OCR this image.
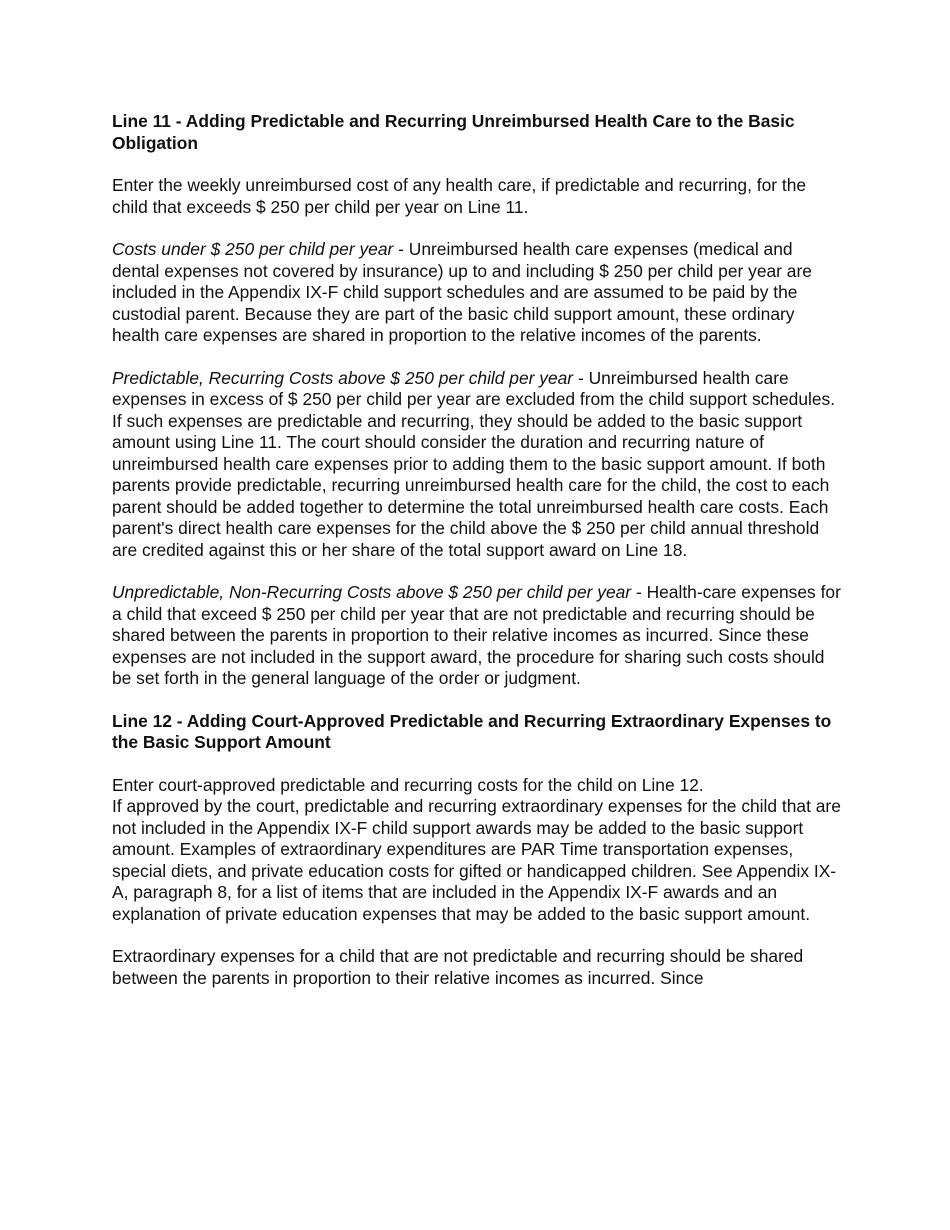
Line 11 - Adding Predictable and Recurring Unreimbursed Health Care to the Basic Obligation
Enter the weekly unreimbursed cost of any health care, if predictable and recurring, for the child that exceeds $ 250 per child per year on Line 11.
Costs under $ 250 per child per year - Unreimbursed health care expenses (medical and dental expenses not covered by insurance) up to and including $ 250 per child per year are included in the Appendix IX-F child support schedules and are assumed to be paid by the custodial parent. Because they are part of the basic child support amount, these ordinary health care expenses are shared in proportion to the relative incomes of the parents.
Predictable, Recurring Costs above $ 250 per child per year - Unreimbursed health care expenses in excess of $ 250 per child per year are excluded from the child support schedules. If such expenses are predictable and recurring, they should be added to the basic support amount using Line 11. The court should consider the duration and recurring nature of unreimbursed health care expenses prior to adding them to the basic support amount. If both parents provide predictable, recurring unreimbursed health care for the child, the cost to each parent should be added together to determine the total unreimbursed health care costs. Each parent's direct health care expenses for the child above the $ 250 per child annual threshold are credited against this or her share of the total support award on Line 18.
Unpredictable, Non-Recurring Costs above $ 250 per child per year - Health-care expenses for a child that exceed $ 250 per child per year that are not predictable and recurring should be shared between the parents in proportion to their relative incomes as incurred. Since these expenses are not included in the support award, the procedure for sharing such costs should be set forth in the general language of the order or judgment.
Line 12 - Adding Court-Approved Predictable and Recurring Extraordinary Expenses to the Basic Support Amount
Enter court-approved predictable and recurring costs for the child on Line 12.
If approved by the court, predictable and recurring extraordinary expenses for the child that are not included in the Appendix IX-F child support awards may be added to the basic support amount. Examples of extraordinary expenditures are PAR Time transportation expenses, special diets, and private education costs for gifted or handicapped children. See Appendix IX-A, paragraph 8, for a list of items that are included in the Appendix IX-F awards and an explanation of private education expenses that may be added to the basic support amount.
Extraordinary expenses for a child that are not predictable and recurring should be shared between the parents in proportion to their relative incomes as incurred. Since
